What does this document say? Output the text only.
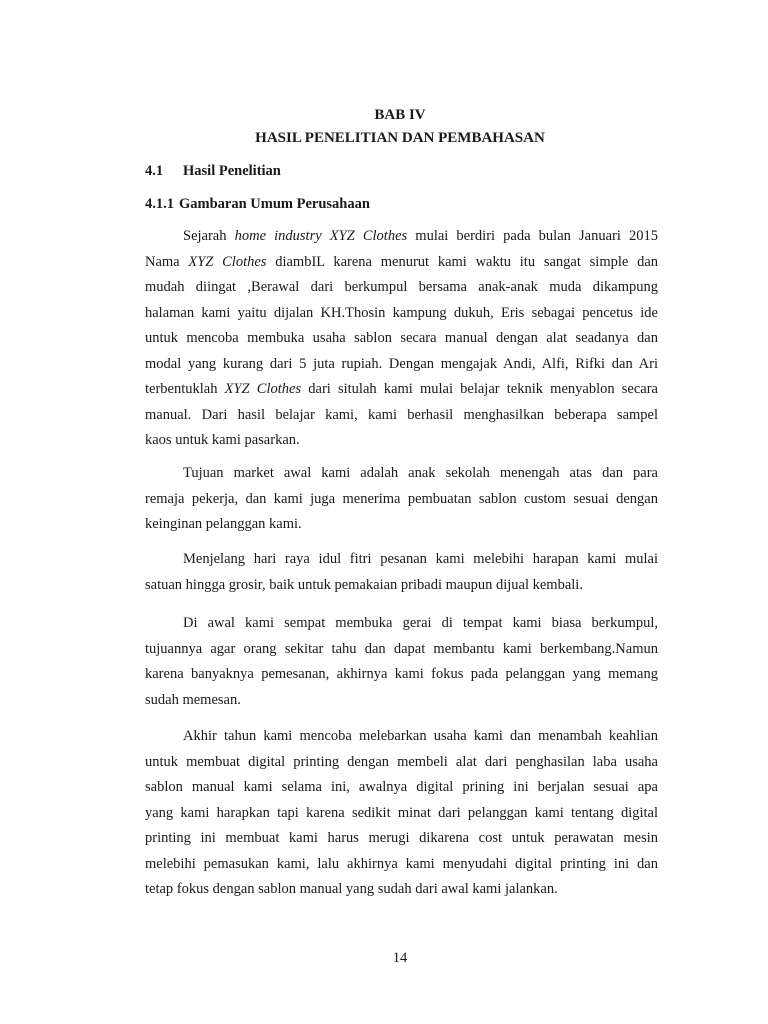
BAB IV
HASIL PENELITIAN DAN PEMBAHASAN
4.1 Hasil Penelitian
4.1.1 Gambaran Umum Perusahaan
Sejarah home industry XYZ Clothes mulai berdiri pada bulan Januari 2015
Nama XYZ Clothes diambIL karena menurut kami waktu itu sangat simple dan
mudah diingat ,Berawal dari berkumpul bersama anak-anak muda dikampung
halaman kami yaitu dijalan KH.Thosin kampung dukuh, Eris sebagai pencetus ide
untuk mencoba membuka usaha sablon secara manual dengan alat seadanya dan
modal yang kurang dari 5 juta rupiah. Dengan mengajak Andi, Alfi, Rifki dan Ari
terbentuklah XYZ Clothes dari situlah kami mulai belajar teknik menyablon secara
manual. Dari hasil belajar kami, kami berhasil menghasilkan beberapa sampel
kaos untuk kami pasarkan.
Tujuan market awal kami adalah anak sekolah menengah atas dan para
remaja pekerja, dan kami juga menerima pembuatan sablon custom sesuai dengan
keinginan pelanggan kami.
Menjelang hari raya idul fitri pesanan kami melebihi harapan kami mulai
satuan hingga grosir, baik untuk pemakaian pribadi maupun dijual kembali.
Di awal kami sempat membuka gerai di tempat kami biasa berkumpul,
tujuannya agar orang sekitar tahu dan dapat membantu kami berkembang.Namun
karena banyaknya pemesanan, akhirnya kami fokus pada pelanggan yang memang
sudah memesan.
Akhir tahun kami mencoba melebarkan usaha kami dan menambah keahlian
untuk membuat digital printing dengan membeli alat dari penghasilan laba usaha
sablon manual kami selama ini, awalnya digital prining ini berjalan sesuai apa
yang kami harapkan tapi karena sedikit minat dari pelanggan kami tentang digital
printing ini membuat kami harus merugi dikarena cost untuk perawatan mesin
melebihi pemasukan kami, lalu akhirnya kami menyudahi digital printing ini dan
tetap fokus dengan sablon manual yang sudah dari awal kami jalankan.
14
